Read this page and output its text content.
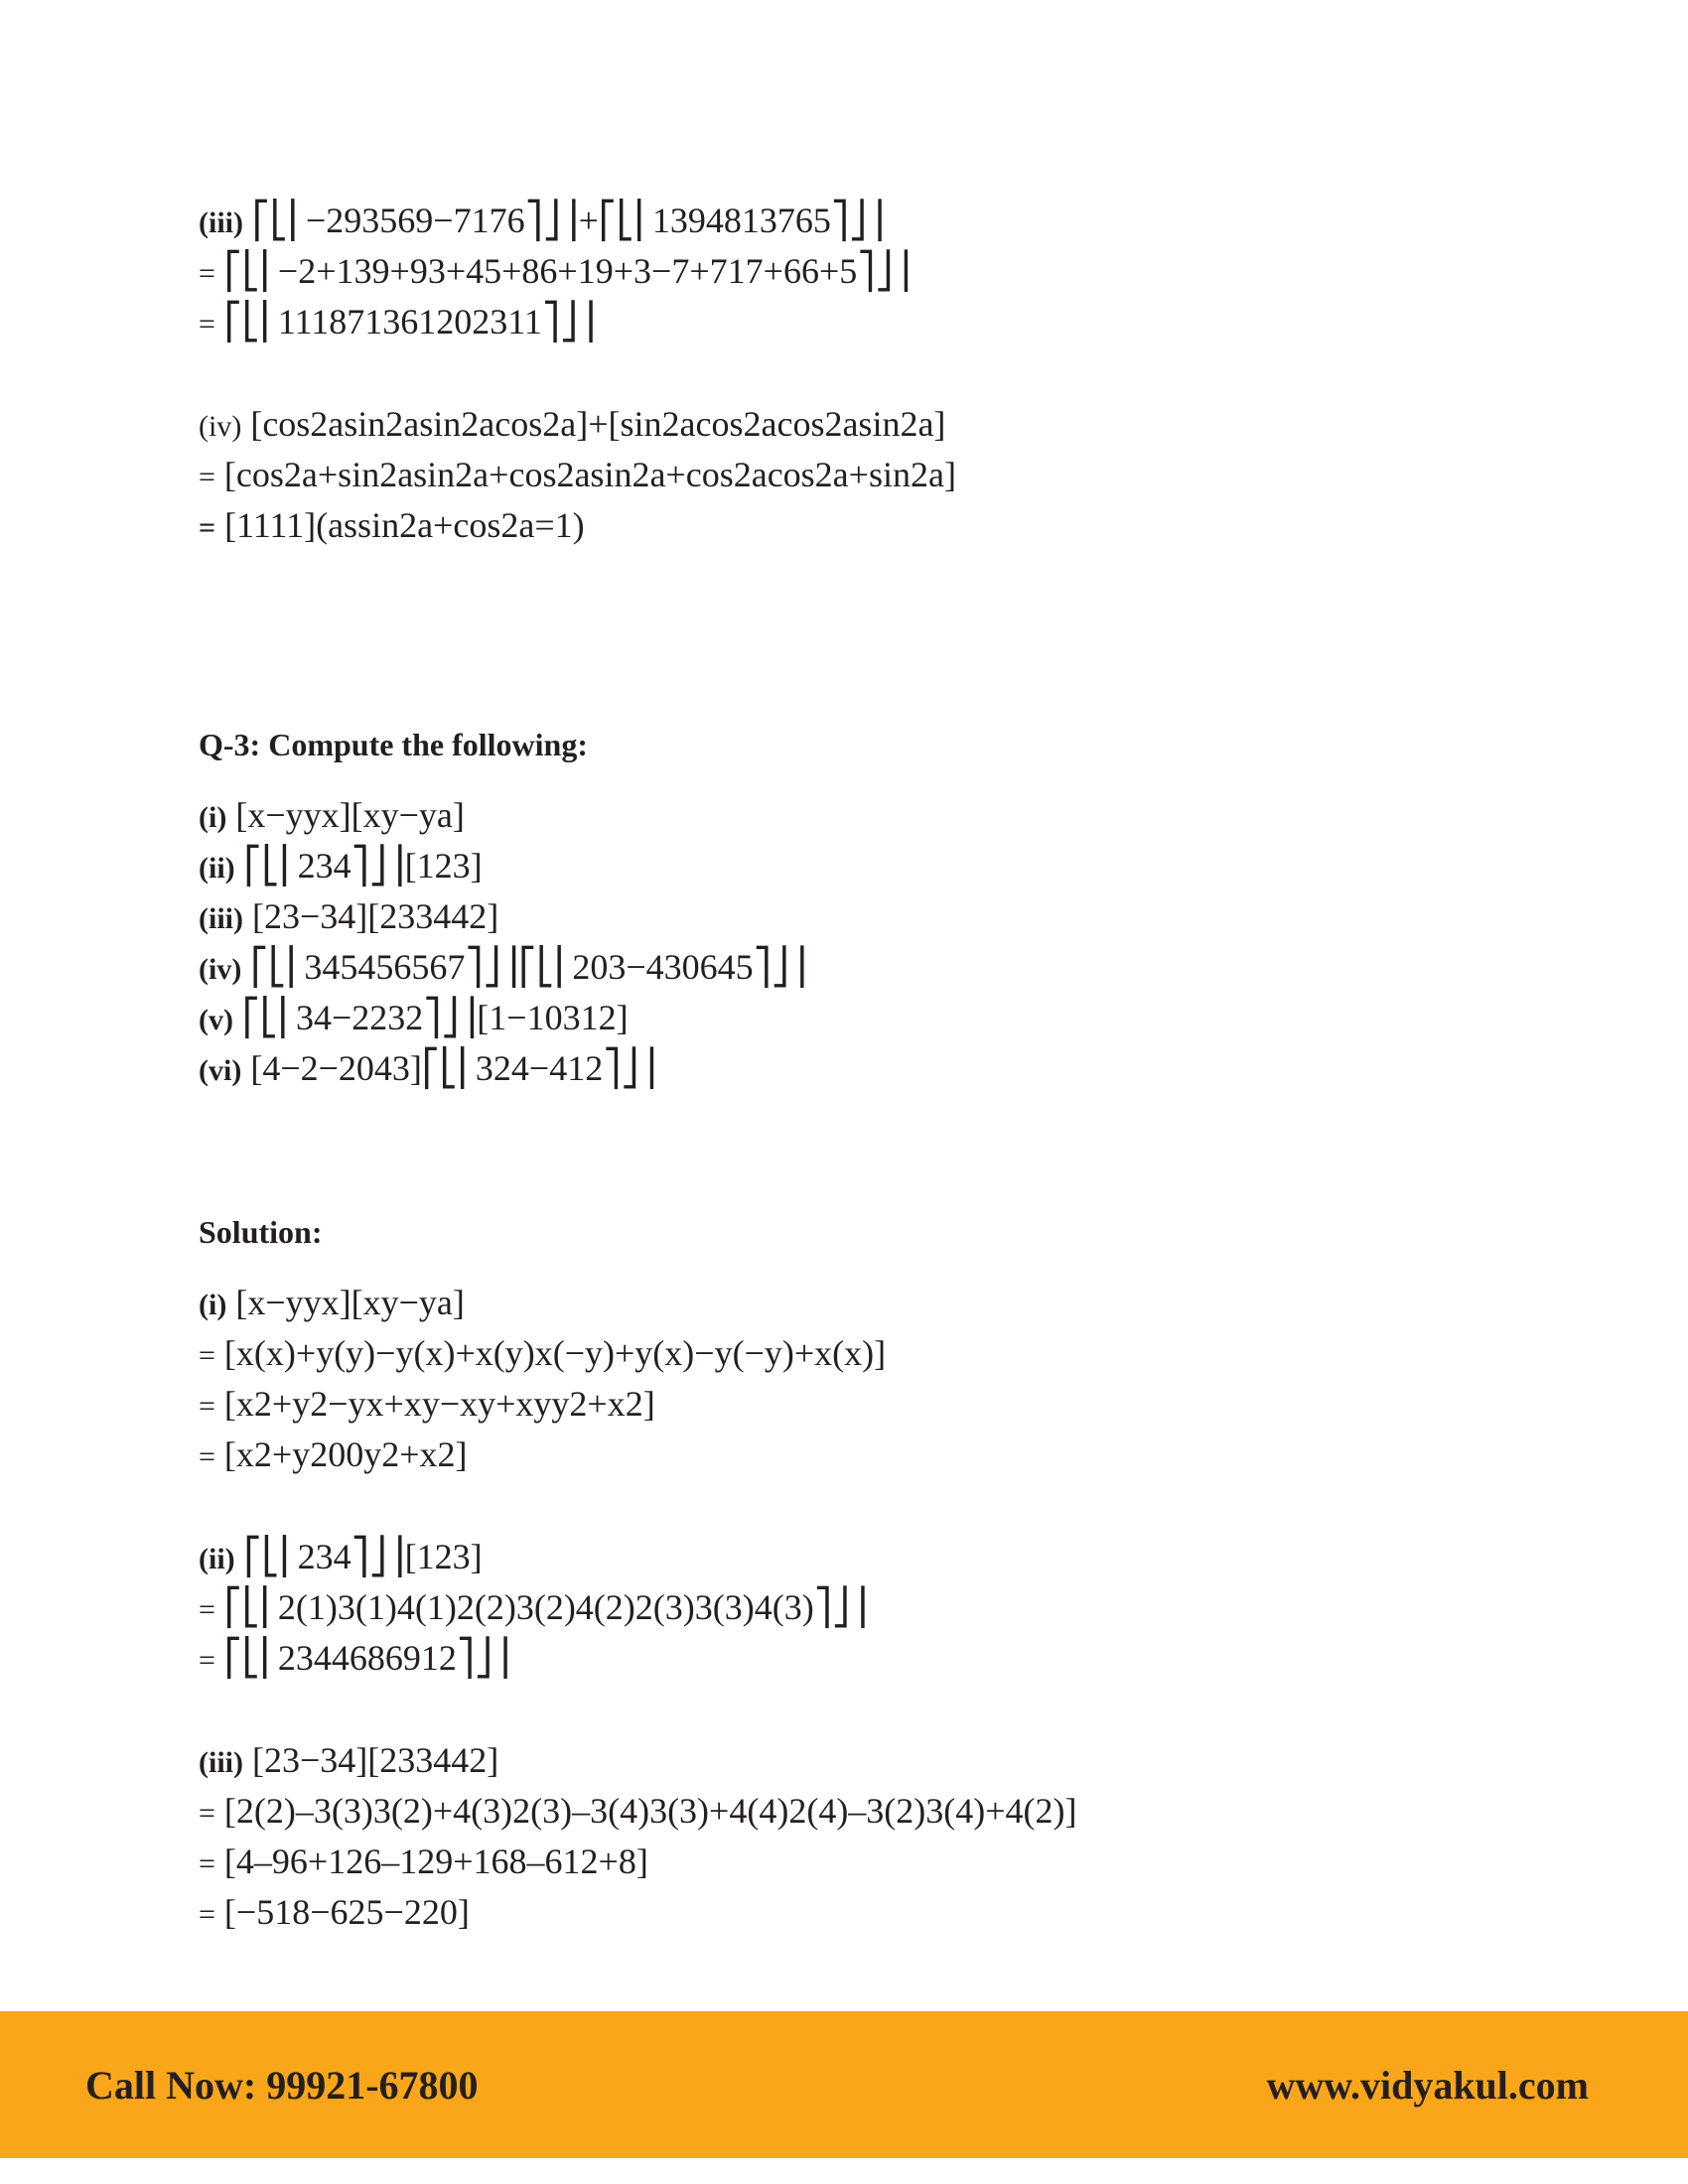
(iii) ⎡⎣⎢−293569−7176⎤⎦⎥+⎡⎣⎢1394813765⎤⎦⎥
= ⎡⎣⎢−2+139+93+45+86+19+3−7+717+66+5⎤⎦⎥
= ⎡⎣⎢111871361202311⎤⎦⎥
(iv) [cos2asin2asin2acos2a]+[sin2acos2acos2asin2a]
= [cos2a+sin2asin2a+cos2asin2a+cos2acos2a+sin2a]
= [1111](assin2a+cos2a=1)
Q-3: Compute the following:
(i) [x−yyx][xy−ya]
(ii) ⎡⎣⎢234⎤⎦⎥[123]
(iii) [23−34][233442]
(iv) ⎡⎣⎢345456567⎤⎦⎥⎡⎣⎢203−430645⎤⎦⎥
(v) ⎡⎣⎢34−2232⎤⎦⎥[1−10312]
(vi) [4−2−2043]⎡⎣⎢324−412⎤⎦⎥
Solution:
(i) [x−yyx][xy−ya]
= [x(x)+y(y)−y(x)+x(y)x(−y)+y(x)−y(−y)+x(x)]
= [x2+y2−yx+xy−xy+xyy2+x2]
= [x2+y200y2+x2]
(ii) ⎡⎣⎢234⎤⎦⎥[123]
= ⎡⎣⎢2(1)3(1)4(1)2(2)3(2)4(2)2(3)3(3)4(3)⎤⎦⎥
= ⎡⎣⎢2344686912⎤⎦⎥
(iii) [23−34][233442]
= [2(2)–3(3)3(2)+4(3)2(3)–3(4)3(3)+4(4)2(4)–3(2)3(4)+4(2)]
= [4–96+126–129+168–612+8]
= [−518−625−220]
Call Now: 99921-67800	www.vidyakul.com
